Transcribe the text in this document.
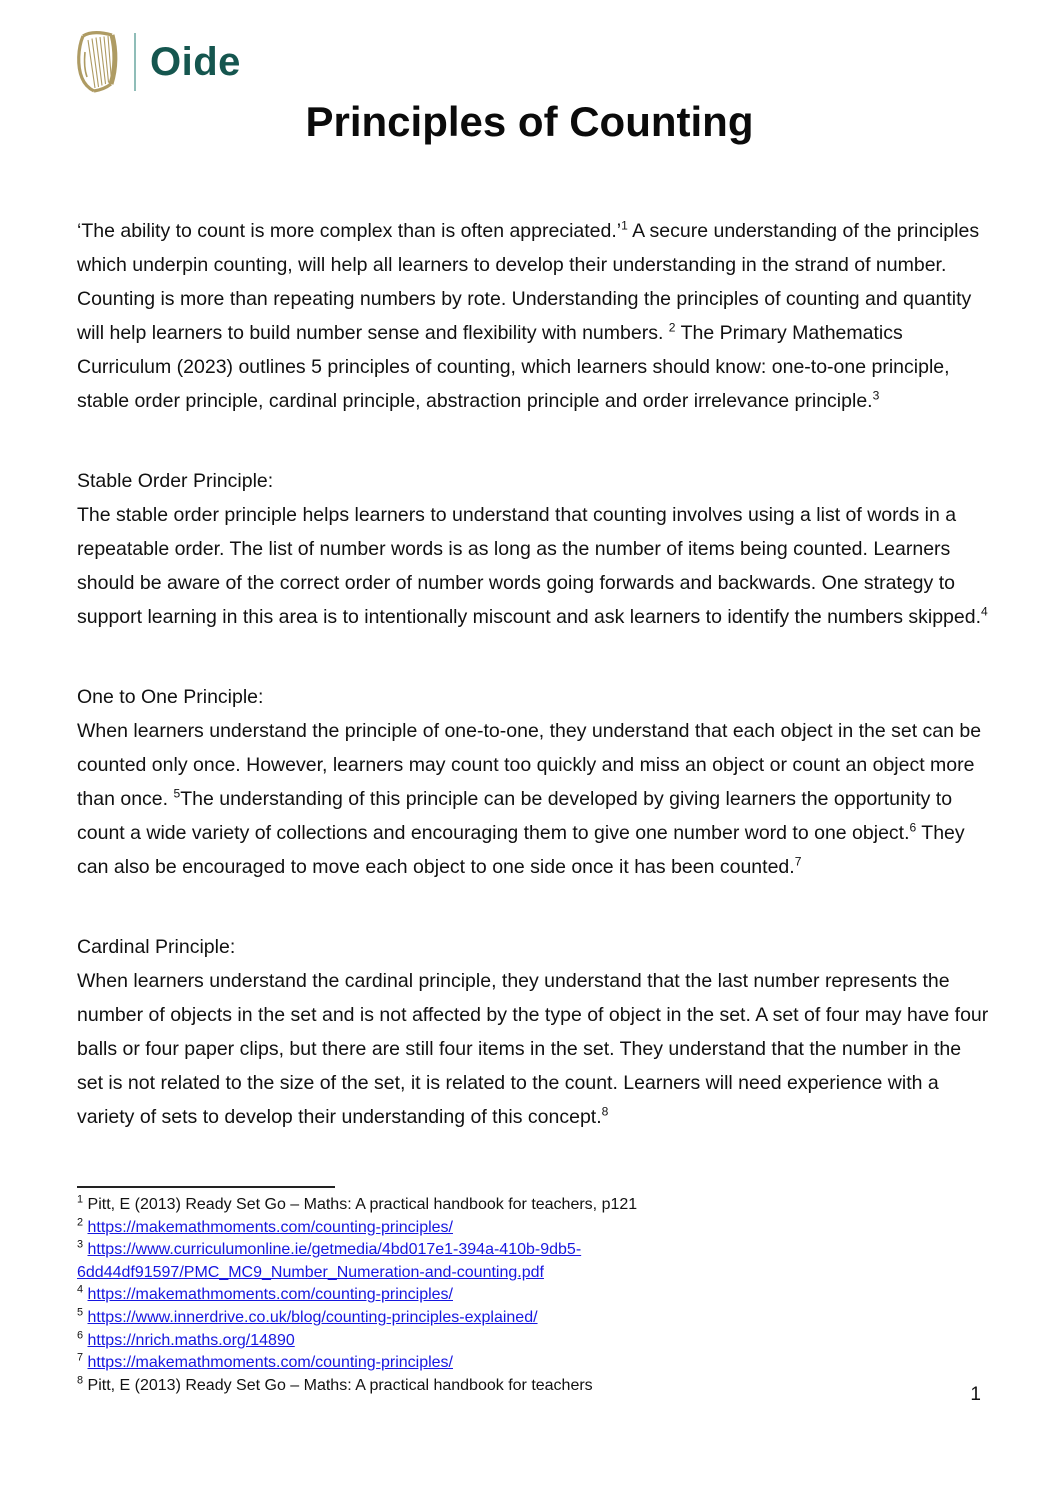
Oide
Principles of Counting

‘The ability to count is more complex than is often appreciated.’$^1$ A secure understanding of the principles which underpin counting, will help all learners to develop their understanding in the strand of number. Counting is more than repeating numbers by rote. Understanding the principles of counting and quantity will help learners to build number sense and flexibility with numbers. $^2$ The Primary Mathematics Curriculum (2023) outlines 5 principles of counting, which learners should know: one-to-one principle, stable order principle, cardinal principle, abstraction principle and order irrelevance principle.$^3$

Stable Order Principle:

The stable order principle helps learners to understand that counting involves using a list of words in a repeatable order. The list of number words is as long as the number of items being counted. Learners should be aware of the correct order of number words going forwards and backwards. One strategy to support learning in this area is to intentionally miscount and ask learners to identify the numbers skipped.$^4$

One to One Principle:

When learners understand the principle of one-to-one, they understand that each object in the set can be counted only once. However, learners may count too quickly and miss an object or count an object more than once. $^5$The understanding of this principle can be developed by giving learners the opportunity to count a wide variety of collections and encouraging them to give one number word to one object.$^6$ They can also be encouraged to move each object to one side once it has been counted.$^7$

Cardinal Principle:

When learners understand the cardinal principle, they understand that the last number represents the number of objects in the set and is not affected by the type of object in the set. A set of four may have four balls or four paper clips, but there are still four items in the set. They understand that the number in the set is not related to the size of the set, it is related to the count. Learners will need experience with a variety of sets to develop their understanding of this concept.$^8$

$^1$ Pitt, E (2013) Ready Set Go – Maths: A practical handbook for teachers, p121
$^2$ https://makemathmoments.com/counting-principles/
$^3$ https://www.curriculumonline.ie/getmedia/4bd017e1-394a-410b-9db5-
6dd44df91597/PMC_MC9_Number_Numeration-and-counting.pdf
$^4$ https://makemathmoments.com/counting-principles/
$^5$ https://www.innerdrive.co.uk/blog/counting-principles-explained/
$^6$ https://nrich.maths.org/14890
$^7$ https://makemathmoments.com/counting-principles/
$^8$ Pitt, E (2013) Ready Set Go – Maths: A practical handbook for teachers	1
